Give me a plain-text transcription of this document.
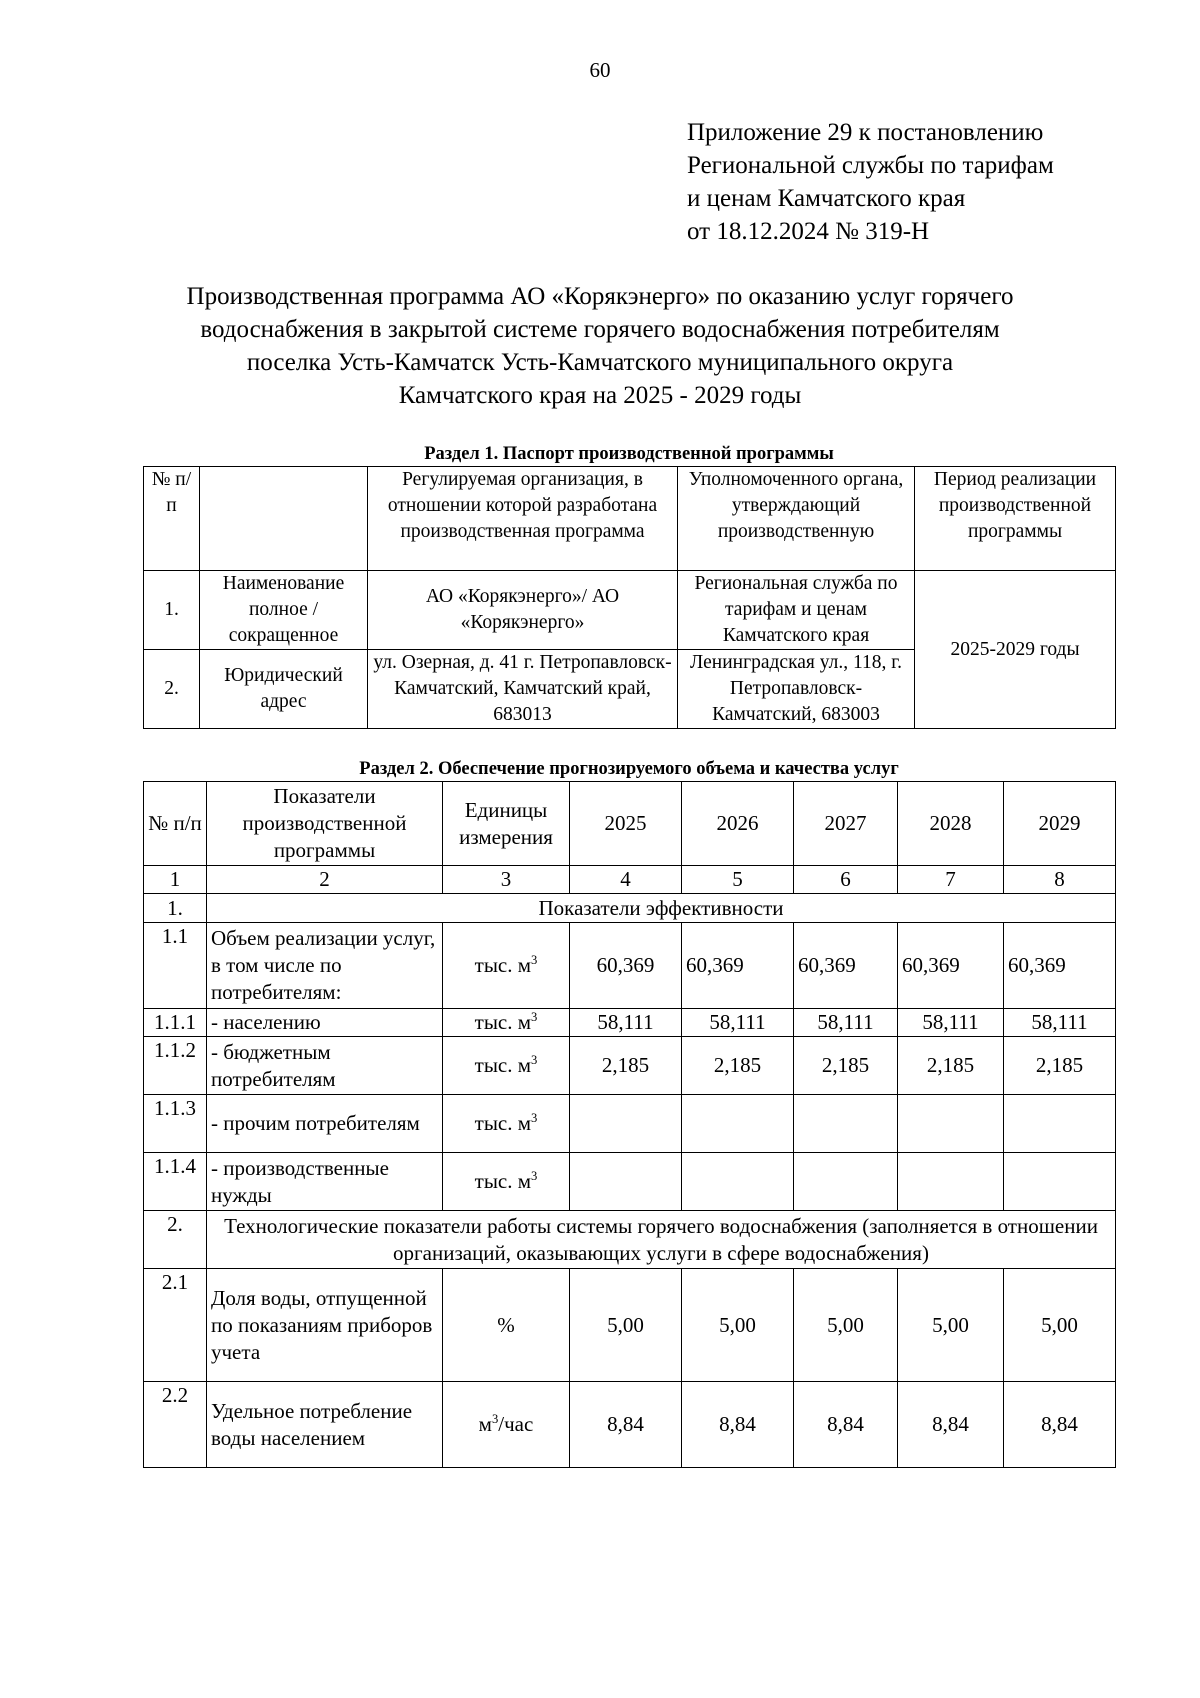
60
Приложение 29 к постановлению
Региональной службы по тарифам
и ценам Камчатского края
от 18.12.2024 № 319-Н
Производственная программа АО «Корякэнерго» по оказанию услуг горячего
водоснабжения в закрытой системе горячего водоснабжения потребителям
поселка Усть-Камчатск Усть-Камчатского муниципального округа
Камчатского края на 2025 - 2029 годы
Раздел 1. Паспорт производственной программы
№ п/п		Регулируемая организация, в отношении которой разработана производственная программа	Уполномоченного органа, утверждающий производственную	Период реализации производственной программы
1.	Наименование полное / сокращенное	АО «Корякэнерго»/ АО «Корякэнерго»	Региональная служба по тарифам и ценам Камчатского края	2025-2029 годы
2.	Юридический адрес	ул. Озерная, д. 41 г. Петропавловск-Камчатский, Камчатский край, 683013	Ленинградская ул., 118, г. Петропавловск-Камчатский, 683003	
Раздел 2. Обеспечение прогнозируемого объема и качества услуг
№ п/п	Показатели производственной программы	Единицы измерения	2025	2026	2027	2028	2029
1	2	3	4	5	6	7	8
1.	Показатели эффективности						
1.1	Объем реализации услуг, в том числе по потребителям:	тыс. $м^3$	60,369	60,369	60,369	60,369	60,369
1.1.1	- населению	тыс. $м^3$	58,111	58,111	58,111	58,111	58,111
1.1.2	- бюджетным потребителям	тыс. $м^3$	2,185	2,185	2,185	2,185	2,185
1.1.3	- прочим потребителям	тыс. $м^3$					
1.1.4	- производственные нужды	тыс. $м^3$					
2.	Технологические показатели работы системы горячего водоснабжения (заполняется в отношении организаций, оказывающих услуги в сфере водоснабжения)						
2.1	Доля воды, отпущенной по показаниям приборов учета	%	5,00	5,00	5,00	5,00	5,00
2.2	Удельное потребление воды населением	$м^3$/час	8,84	8,84	8,84	8,84	8,84
